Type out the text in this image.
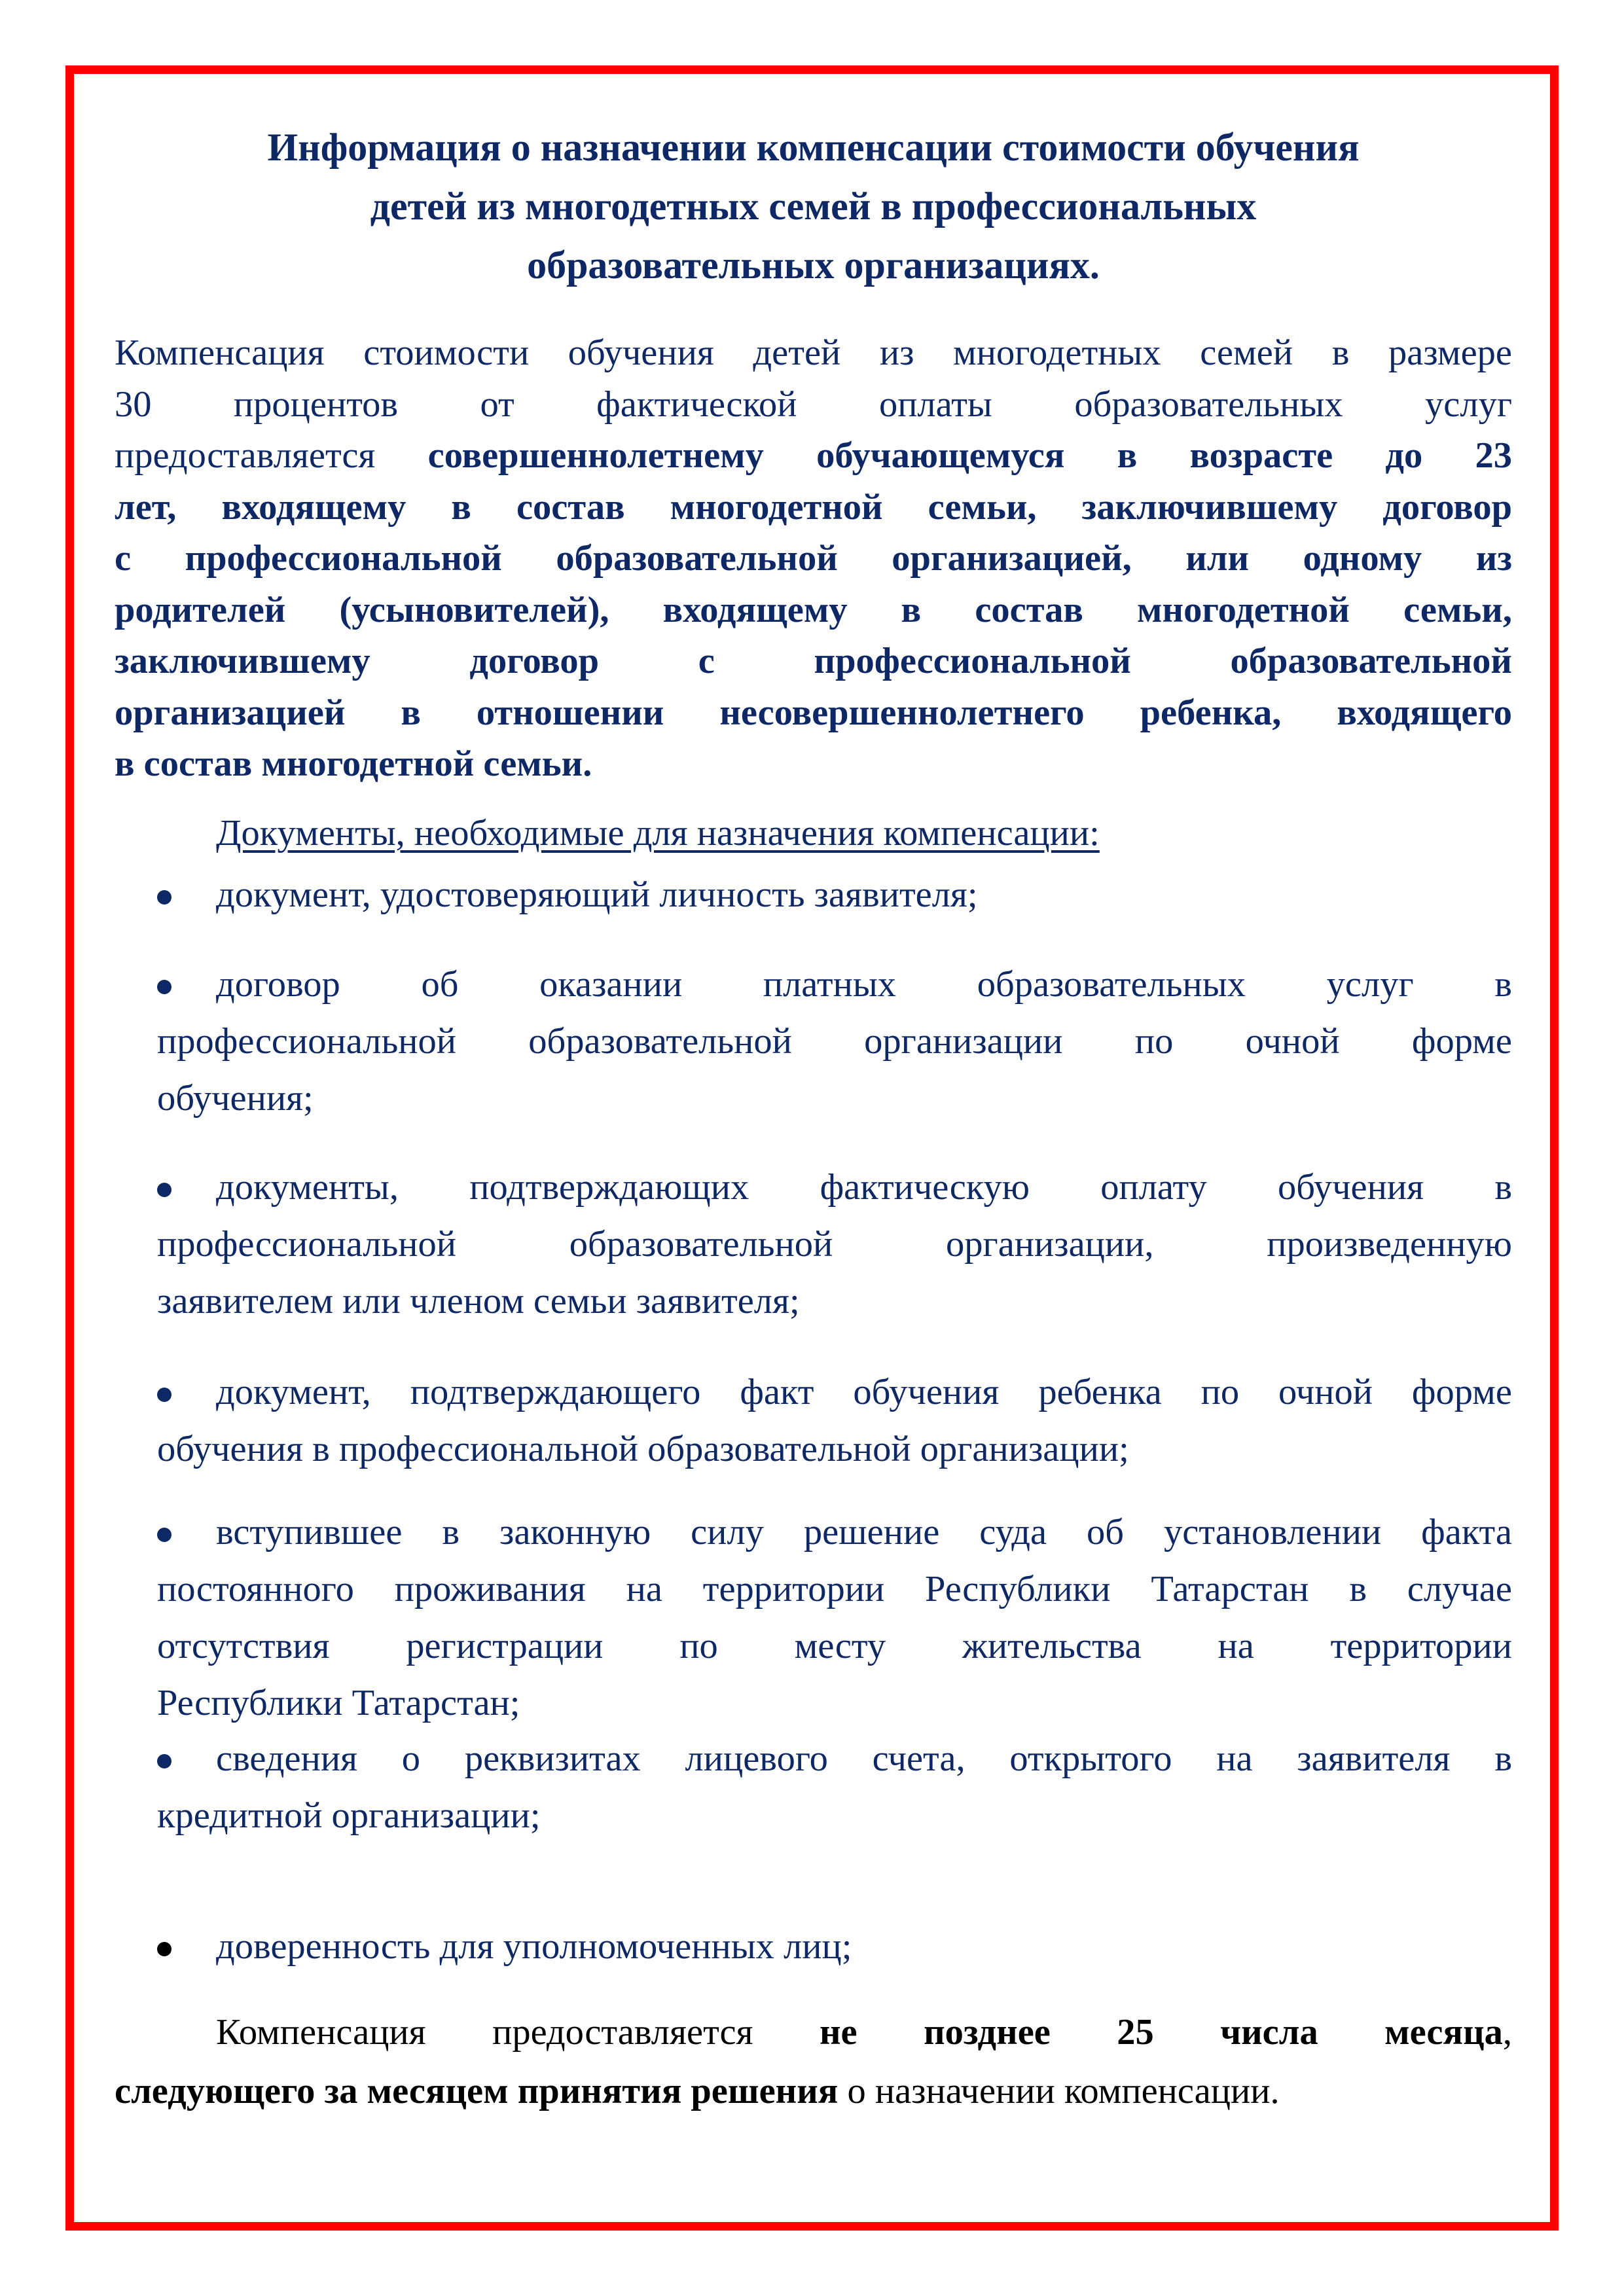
Информация о назначении компенсации стоимости обучения
детей из многодетных семей в профессиональных
образовательных организациях.
Компенсация стоимости обучения детей из многодетных семей в размере
30 процентов от фактической оплаты образовательных услуг
предоставляется совершеннолетнему обучающемуся в возрасте до 23
лет, входящему в состав многодетной семьи, заключившему договор
с профессиональной образовательной организацией, или одному из
родителей (усыновителей), входящему в состав многодетной семьи,
заключившему договор с профессиональной образовательной
организацией в отношении несовершеннолетнего ребенка, входящего
в состав многодетной семьи.
Документы, необходимые для назначения компенсации:
документ, удостоверяющий личность заявителя;
договор об оказании платных образовательных услуг в
профессиональной образовательной организации по очной форме
обучения;
документы, подтверждающих фактическую оплату обучения в
профессиональной образовательной организации, произведенную
заявителем или членом семьи заявителя;
документ, подтверждающего факт обучения ребенка по очной форме
обучения в профессиональной образовательной организации;
вступившее в законную силу решение суда об установлении факта
постоянного проживания на территории Республики Татарстан в случае
отсутствия регистрации по месту жительства на территории
Республики Татарстан;
сведения о реквизитах лицевого счета, открытого на заявителя в
кредитной организации;
доверенность для уполномоченных лиц;
Компенсация предоставляется не позднее 25 числа месяца,
следующего за месяцем принятия решения о назначении компенсации.
